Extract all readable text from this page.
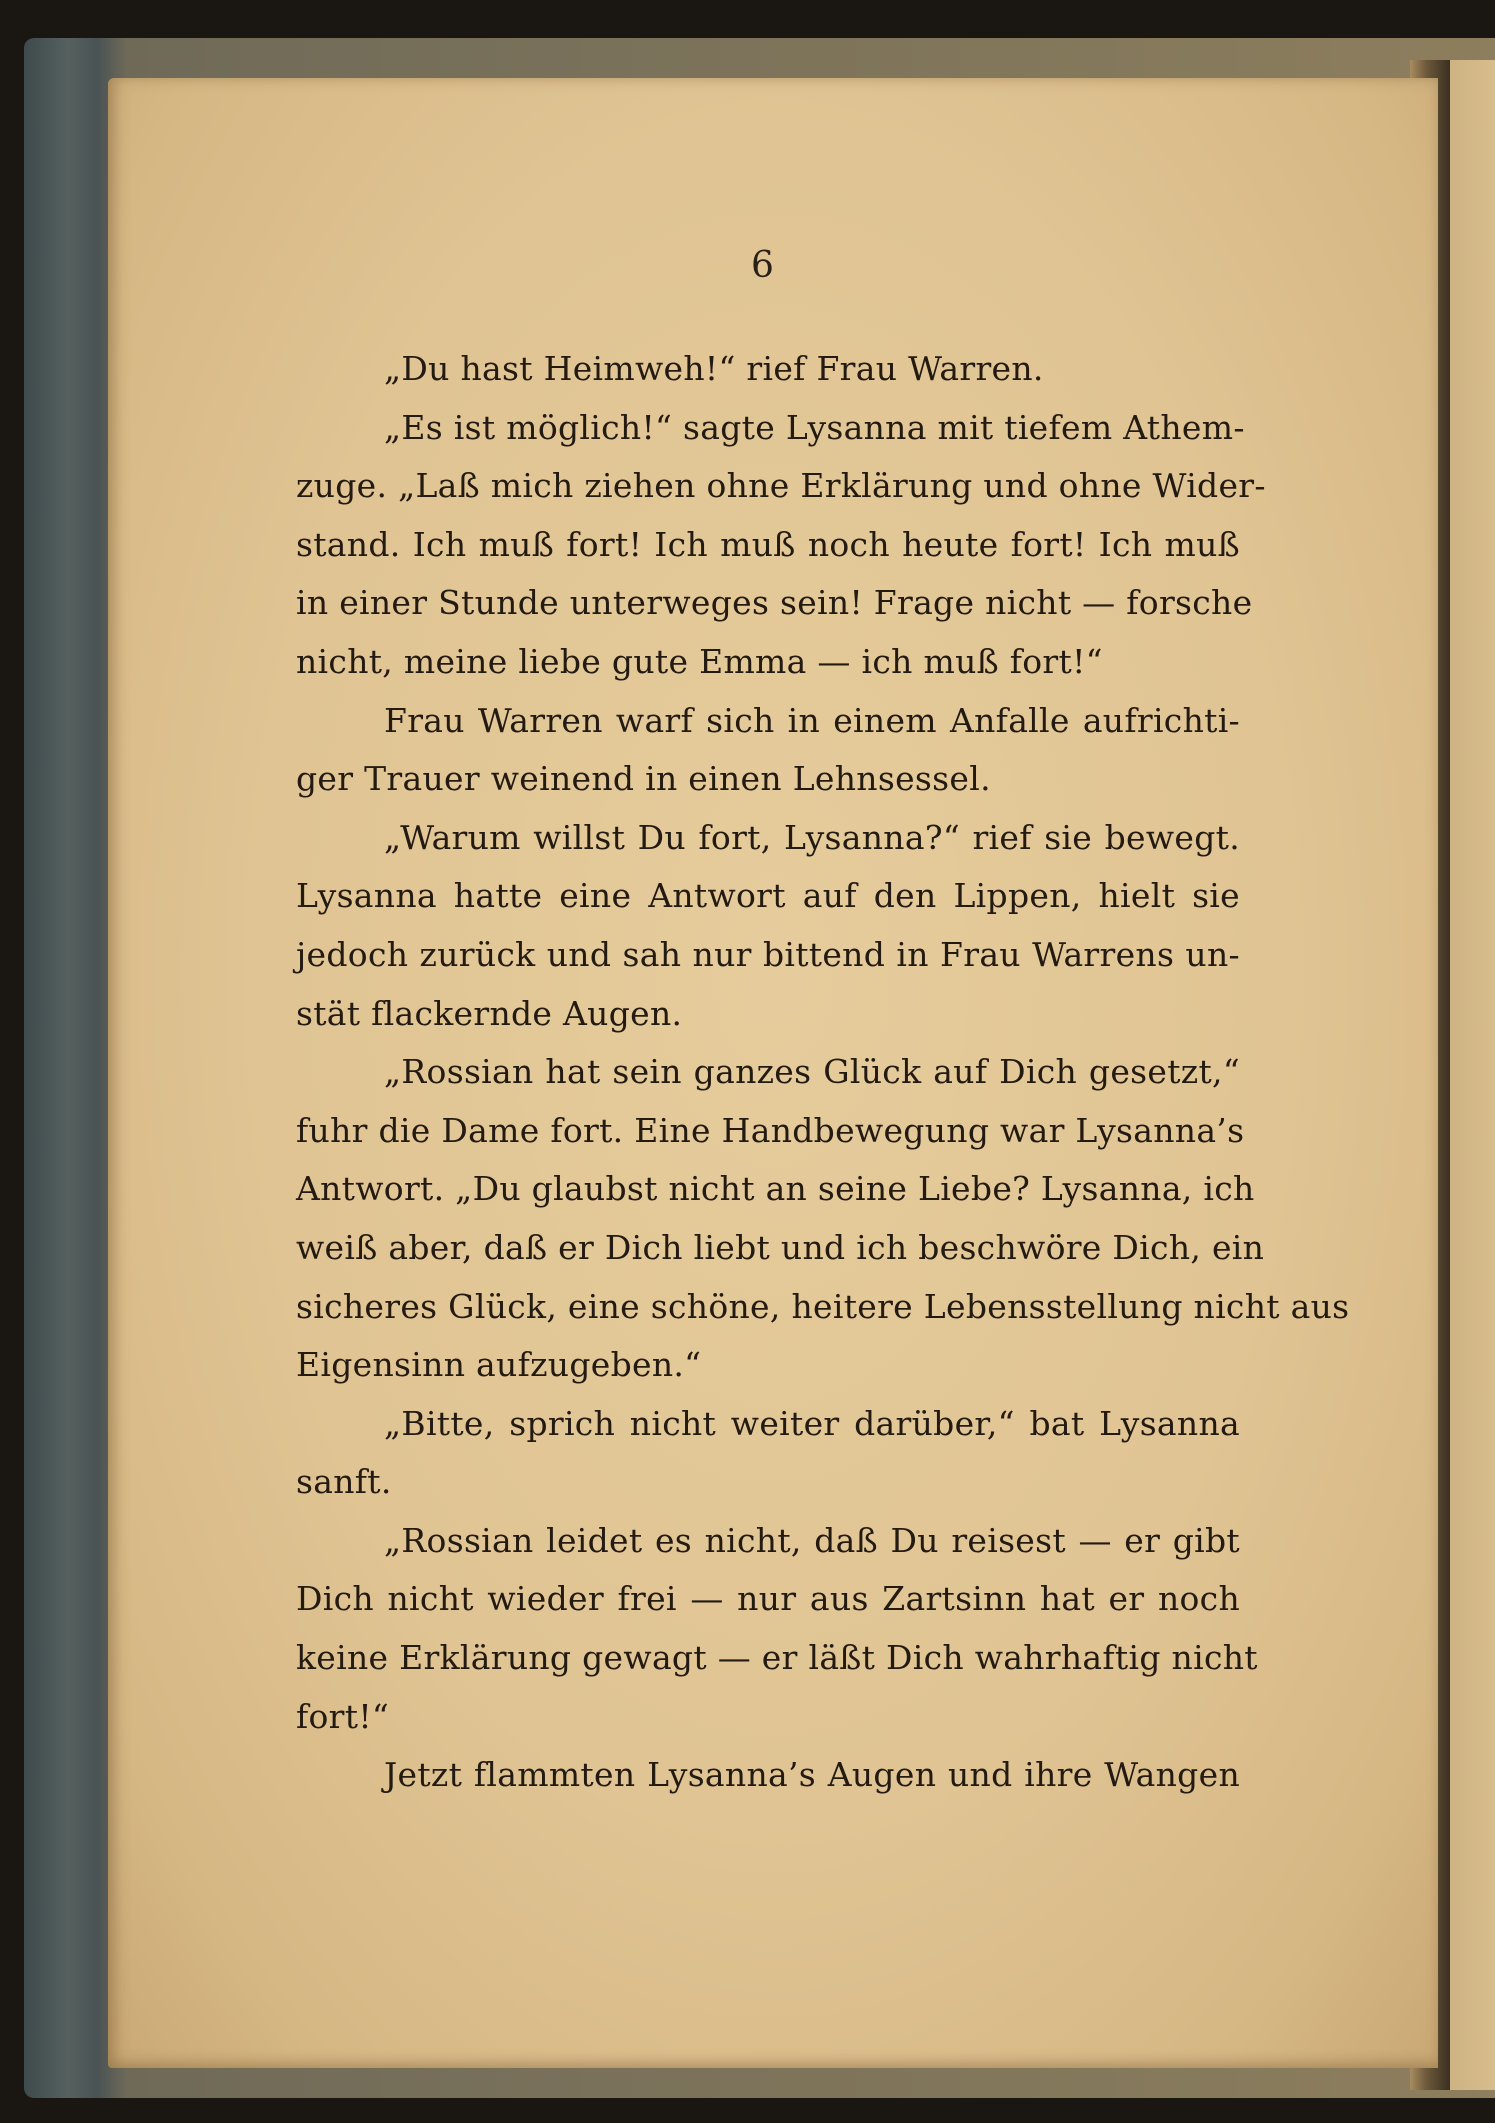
6
„Du hast Heimweh!“ rief Frau Warren.
„Es ist möglich!“ sagte Lysanna mit tiefem Athem-
zuge. „Laß mich ziehen ohne Erklärung und ohne Wider-
stand. Ich muß fort! Ich muß noch heute fort! Ich muß
in einer Stunde unterweges sein! Frage nicht — forsche
nicht, meine liebe gute Emma — ich muß fort!“
Frau Warren warf sich in einem Anfalle aufrichti-
ger Trauer weinend in einen Lehnsessel.
„Warum willst Du fort, Lysanna?“ rief sie bewegt.
Lysanna hatte eine Antwort auf den Lippen, hielt sie
jedoch zurück und sah nur bittend in Frau Warrens un-
stät flackernde Augen.
„Rossian hat sein ganzes Glück auf Dich gesetzt,“
fuhr die Dame fort. Eine Handbewegung war Lysanna’s
Antwort. „Du glaubst nicht an seine Liebe? Lysanna, ich
weiß aber, daß er Dich liebt und ich beschwöre Dich, ein
sicheres Glück, eine schöne, heitere Lebensstellung nicht aus
Eigensinn aufzugeben.“
„Bitte, sprich nicht weiter darüber,“ bat Lysanna
sanft.
„Rossian leidet es nicht, daß Du reisest — er gibt
Dich nicht wieder frei — nur aus Zartsinn hat er noch
keine Erklärung gewagt — er läßt Dich wahrhaftig nicht
fort!“
Jetzt flammten Lysanna’s Augen und ihre Wangen
